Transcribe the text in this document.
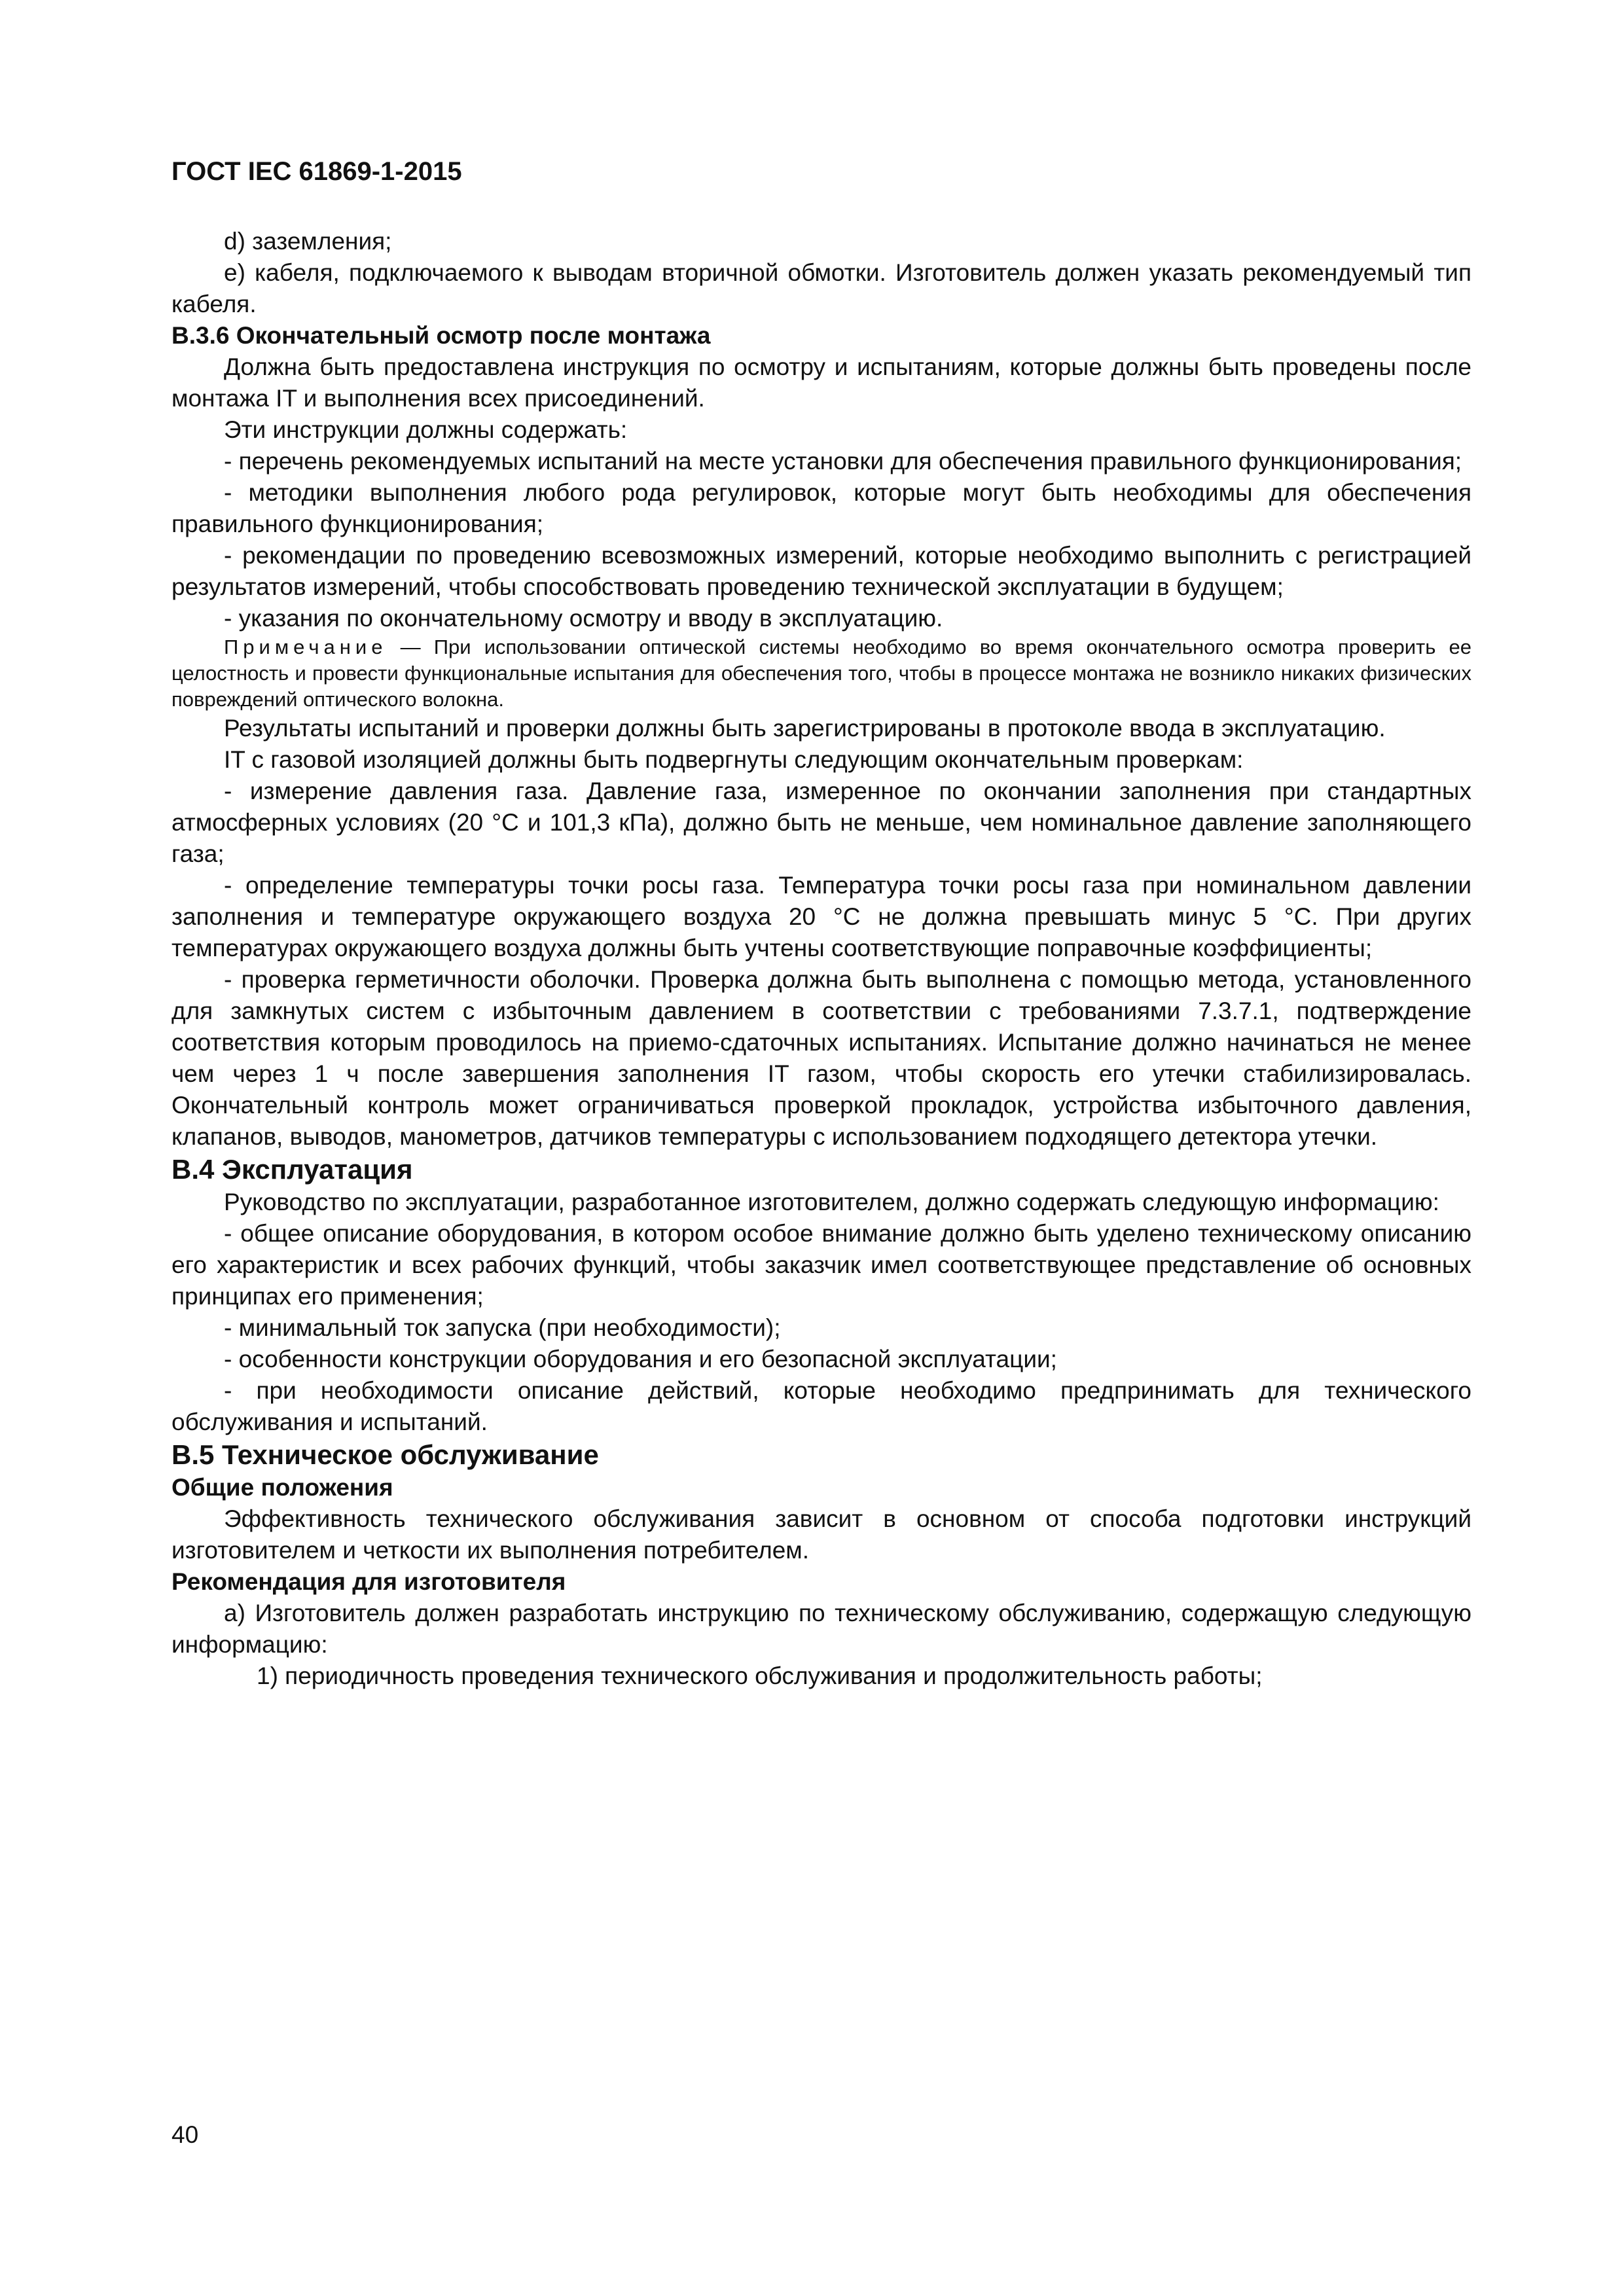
ГОСТ IEC 61869-1-2015

d) заземления;

e) кабеля, подключаемого к выводам вторичной обмотки. Изготовитель должен указать рекомендуемый тип кабеля.

B.3.6 Окончательный осмотр после монтажа

Должна быть предоставлена инструкция по осмотру и испытаниям, которые должны быть проведены после монтажа IT и выполнения всех присоединений.

Эти инструкции должны содержать:

- перечень рекомендуемых испытаний на месте установки для обеспечения правильного функционирования;

- методики выполнения любого рода регулировок, которые могут быть необходимы для обеспечения правильного функционирования;

- рекомендации по проведению всевозможных измерений, которые необходимо выполнить с регистрацией результатов измерений, чтобы способствовать проведению технической эксплуатации в будущем;

- указания по окончательному осмотру и вводу в эксплуатацию.

Примечание — При использовании оптической системы необходимо во время окончательного осмотра проверить ее целостность и провести функциональные испытания для обеспечения того, чтобы в процессе монтажа не возникло никаких физических повреждений оптического волокна.

Результаты испытаний и проверки должны быть зарегистрированы в протоколе ввода в эксплуатацию.

IT с газовой изоляцией должны быть подвергнуты следующим окончательным проверкам:

- измерение давления газа. Давление газа, измеренное по окончании заполнения при стандартных атмосферных условиях (20 °С и 101,3 кПа), должно быть не меньше, чем номинальное давление заполняющего газа;

- определение температуры точки росы газа. Температура точки росы газа при номинальном давлении заполнения и температуре окружающего воздуха 20 °С не должна превышать минус 5 °С. При других температурах окружающего воздуха должны быть учтены соответствующие поправочные коэффициенты;

- проверка герметичности оболочки. Проверка должна быть выполнена с помощью метода, установленного для замкнутых систем с избыточным давлением в соответствии с требованиями 7.3.7.1, подтверждение соответствия которым проводилось на приемо-сдаточных испытаниях. Испытание должно начинаться не менее чем через 1 ч после завершения заполнения IT газом, чтобы скорость его утечки стабилизировалась. Окончательный контроль может ограничиваться проверкой прокладок, устройства избыточного давления, клапанов, выводов, манометров, датчиков температуры с использованием подходящего детектора утечки.

B.4 Эксплуатация

Руководство по эксплуатации, разработанное изготовителем, должно содержать следующую информацию:

- общее описание оборудования, в котором особое внимание должно быть уделено техническому описанию его характеристик и всех рабочих функций, чтобы заказчик имел соответствующее представление об основных принципах его применения;

- минимальный ток запуска (при необходимости);

- особенности конструкции оборудования и его безопасной эксплуатации;

- при необходимости описание действий, которые необходимо предпринимать для технического обслуживания и испытаний.

B.5 Техническое обслуживание

Общие положения

Эффективность технического обслуживания зависит в основном от способа подготовки инструкций изготовителем и четкости их выполнения потребителем.

Рекомендация для изготовителя

a) Изготовитель должен разработать инструкцию по техническому обслуживанию, содержащую следующую информацию:

1) периодичность проведения технического обслуживания и продолжительность работы;

40
